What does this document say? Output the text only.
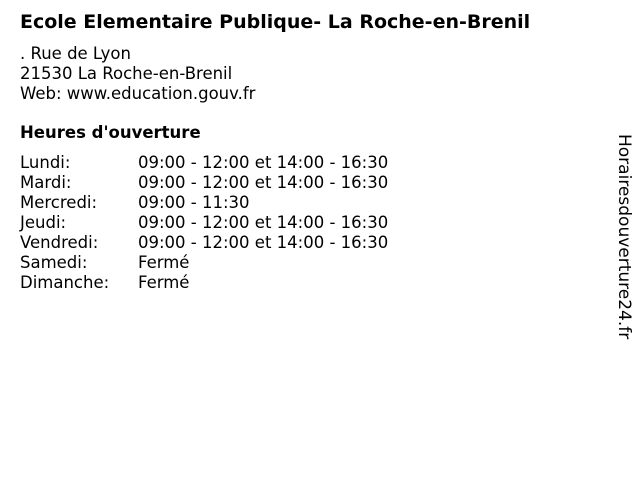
Ecole Elementaire Publique- La Roche-en-Brenil
. Rue de Lyon
21530 La Roche-en-Brenil
Web: www.education.gouv.fr
Heures d'ouverture
Lundi:	09:00 - 12:00 et 14:00 - 16:30
Mardi:	09:00 - 12:00 et 14:00 - 16:30
Mercredi:	09:00 - 11:30
Jeudi:	09:00 - 12:00 et 14:00 - 16:30
Vendredi:	09:00 - 12:00 et 14:00 - 16:30
Samedi:	Fermé
Dimanche:	Fermé	Horairesdouverture24.fr
